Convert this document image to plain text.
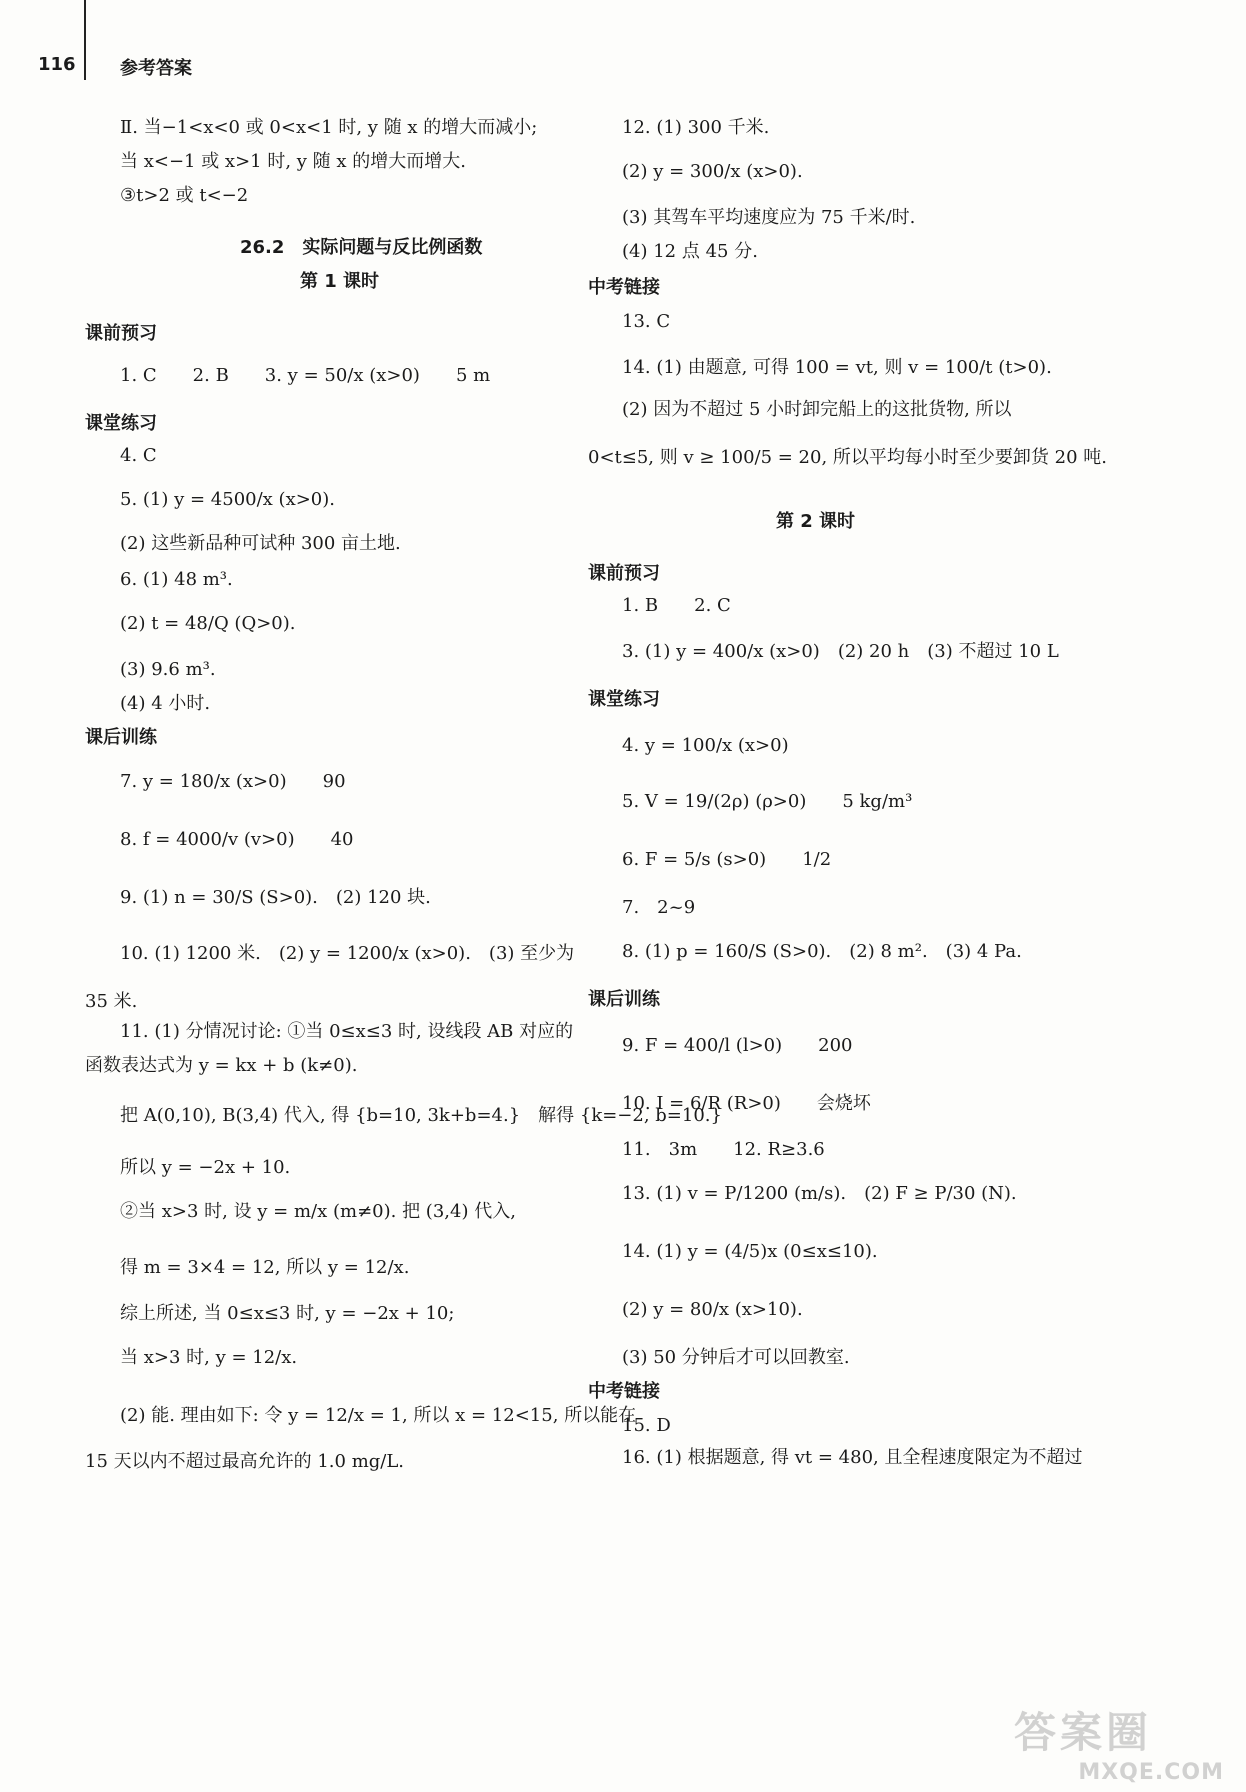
116 参考答案
Ⅱ. 当−1<x<0 或 0<x<1 时, y 随 x 的增大而减小;
当 x<−1 或 x>1 时, y 随 x 的增大而增大.
③t>2 或 t<−2
26.2　实际问题与反比例函数
第 1 课时
课前预习
1. C　　2. B　　3. y = 50/x (x>0)　　5 m
课堂练习
4. C
5. (1) y = 4500/x (x>0).
(2) 这些新品种可试种 300 亩土地.
6. (1) 48 m³.
(2) t = 48/Q (Q>0).
(3) 9.6 m³.
(4) 4 小时.
课后训练
7. y = 180/x (x>0)　　90
8. f = 4000/v (v>0)　　40
9. (1) n = 30/S (S>0).　(2) 120 块.
10. (1) 1200 米.　(2) y = 1200/x (x>0).　(3) 至少为
35 米.
11. (1) 分情况讨论: ①当 0≤x≤3 时, 设线段 AB 对应的
函数表达式为 y = kx + b (k≠0).
把 A(0,10), B(3,4) 代入, 得 {b=10, 3k+b=4.}　解得 {k=−2, b=10.}
所以 y = −2x + 10.
②当 x>3 时, 设 y = m/x (m≠0). 把 (3,4) 代入,
得 m = 3×4 = 12, 所以 y = 12/x.
综上所述, 当 0≤x≤3 时, y = −2x + 10;
当 x>3 时, y = 12/x.
(2) 能. 理由如下: 令 y = 12/x = 1, 所以 x = 12<15, 所以能在
15 天以内不超过最高允许的 1.0 mg/L.
12. (1) 300 千米.
(2) y = 300/x (x>0).
(3) 其驾车平均速度应为 75 千米/时.
(4) 12 点 45 分.
中考链接
13. C
14. (1) 由题意, 可得 100 = vt, 则 v = 100/t (t>0).
(2) 因为不超过 5 小时卸完船上的这批货物, 所以
0<t≤5, 则 v ≥ 100/5 = 20, 所以平均每小时至少要卸货 20 吨.
第 2 课时
课前预习
1. B　　2. C
3. (1) y = 400/x (x>0)　(2) 20 h　(3) 不超过 10 L
课堂练习
4. y = 100/x (x>0)
5. V = 19/(2ρ) (ρ>0)　　5 kg/m³
6. F = 5/s (s>0)　　1/2
7.　2~9
8. (1) p = 160/S (S>0).　(2) 8 m².　(3) 4 Pa.
课后训练
9. F = 400/l (l>0)　　200
10. I = 6/R (R>0)　　会烧坏
11.　3m　　12. R≥3.6
13. (1) v = P/1200 (m/s).　(2) F ≥ P/30 (N).
14. (1) y = (4/5)x (0≤x≤10).
(2) y = 80/x (x>10).
(3) 50 分钟后才可以回教室.
中考链接
15. D
16. (1) 根据题意, 得 vt = 480, 且全程速度限定为不超过
答案圈
MXQE.COM
